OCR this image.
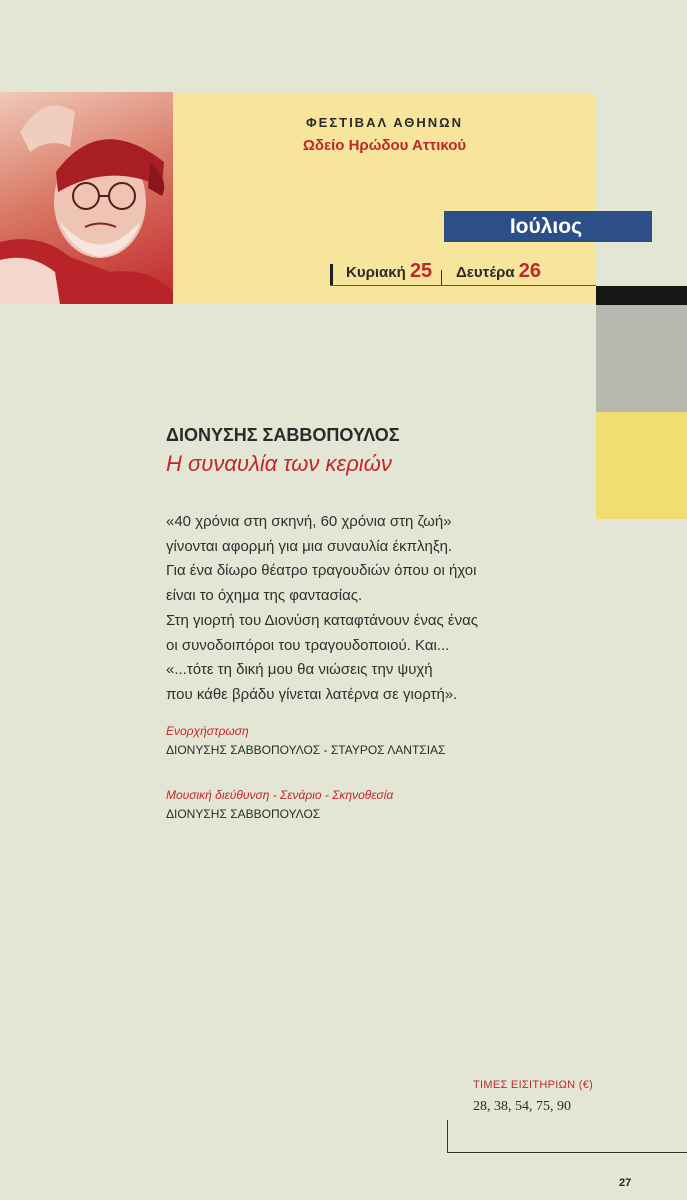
ΦΕΣΤΙΒΑΛ ΑΘΗΝΩΝ
Ωδείο Ηρώδου Αττικού
Ιούλιος
Κυριακή 25 Δευτέρα 26
ΔΙΟΝΥΣΗΣ ΣΑΒΒΟΠΟΥΛΟΣ
Η συναυλία των κεριών
«40 χρόνια στη σκηνή, 60 χρόνια στη ζωή»
γίνονται αφορμή για μια συναυλία έκπληξη.
Για ένα δίωρο θέατρο τραγουδιών όπου οι ήχοι
είναι το όχημα της φαντασίας.
Στη γιορτή του Διονύση καταφτάνουν ένας ένας
οι συνοδοιπόροι του τραγουδοποιού. Και...
«...τότε τη δική μου θα νιώσεις την ψυχή
που κάθε βράδυ γίνεται λατέρνα σε γιορτή».
Ενορχήστρωση
ΔΙΟΝΥΣΗΣ ΣΑΒΒΟΠΟΥΛΟΣ - ΣΤΑΥΡΟΣ ΛΑΝΤΣΙΑΣ
Μουσική διεύθυνση - Σενάριο - Σκηνοθεσία
ΔΙΟΝΥΣΗΣ ΣΑΒΒΟΠΟΥΛΟΣ
ΤΙΜΕΣ ΕΙΣΙΤΗΡΙΩΝ (€)
28, 38, 54, 75, 90
27
